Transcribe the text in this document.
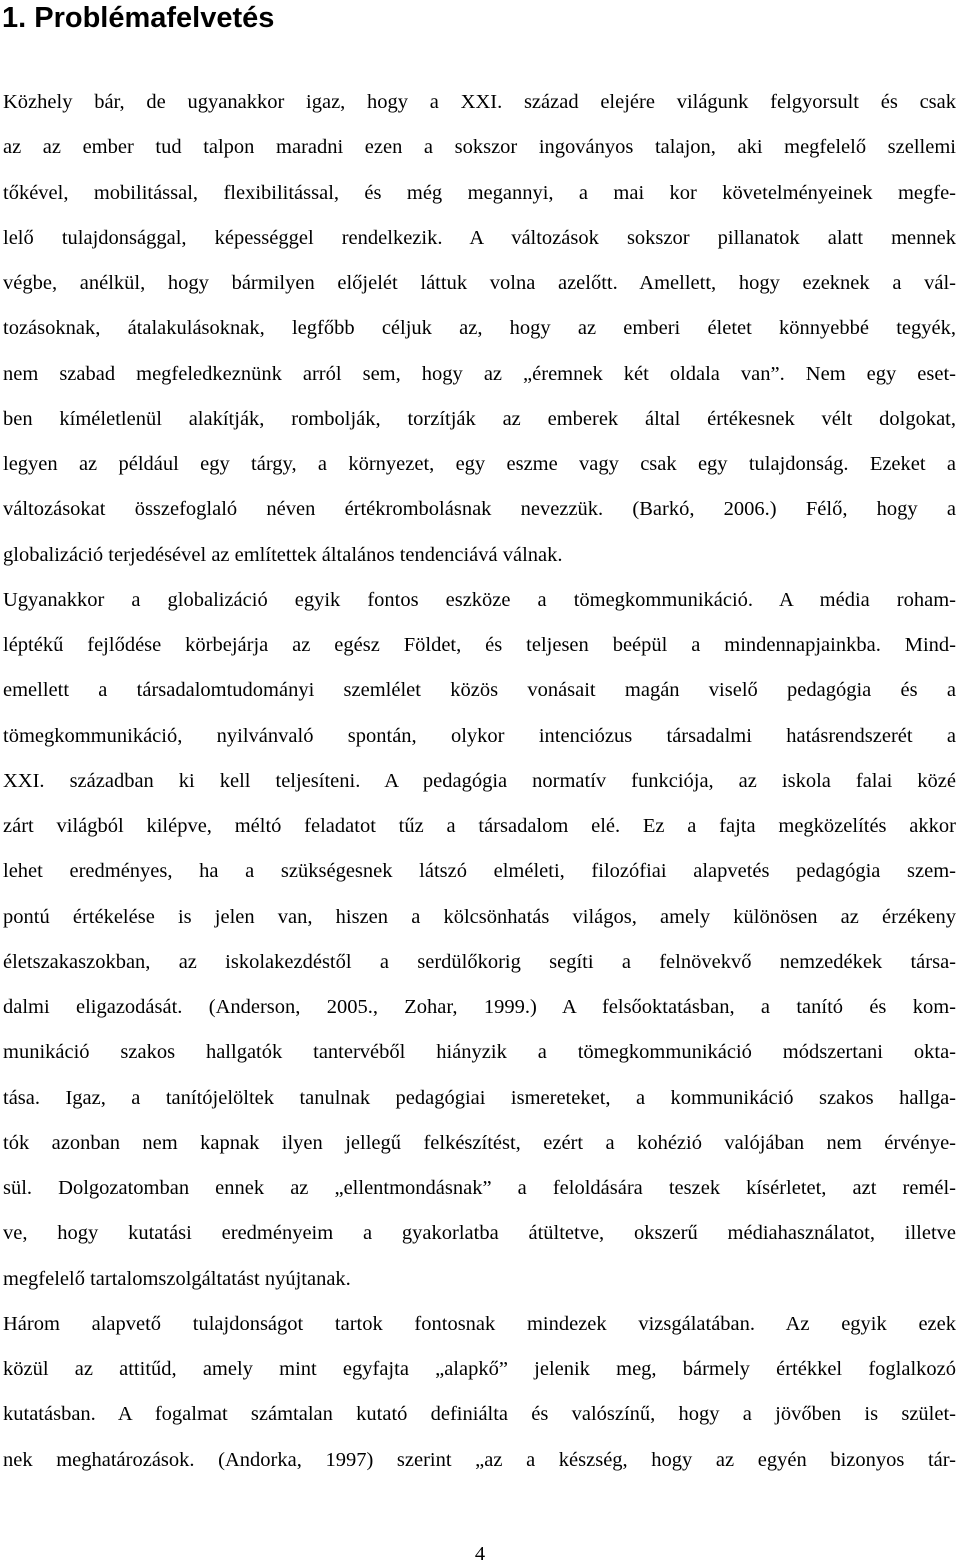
1. Problémafelvetés
Közhely bár, de ugyanakkor igaz, hogy a XXI. század elejére világunk felgyorsult és csak
az az ember tud talpon maradni ezen a sokszor ingoványos talajon, aki megfelelő szellemi
tőkével, mobilitással, flexibilitással, és még megannyi, a mai kor követelményeinek megfe-
lelő tulajdonsággal, képességgel rendelkezik. A változások sokszor pillanatok alatt mennek
végbe, anélkül, hogy bármilyen előjelét láttuk volna azelőtt. Amellett, hogy ezeknek a vál-
tozásoknak, átalakulásoknak, legfőbb céljuk az, hogy az emberi életet könnyebbé tegyék,
nem szabad megfeledkeznünk arról sem, hogy az „éremnek két oldala van”. Nem egy eset-
ben kíméletlenül alakítják, rombolják, torzítják az emberek által értékesnek vélt dolgokat,
legyen az például egy tárgy, a környezet, egy eszme vagy csak egy tulajdonság. Ezeket a
változásokat összefoglaló néven értékrombolásnak nevezzük. (Barkó, 2006.) Félő, hogy a
globalizáció terjedésével az említettek általános tendenciává válnak.
Ugyanakkor a globalizáció egyik fontos eszköze a tömegkommunikáció. A média roham-
léptékű fejlődése körbejárja az egész Földet, és teljesen beépül a mindennapjainkba. Mind-
emellett a társadalomtudományi szemlélet közös vonásait magán viselő pedagógia és a
tömegkommunikáció, nyilvánvaló spontán, olykor intenciózus társadalmi hatásrendszerét a
XXI. században ki kell teljesíteni. A pedagógia normatív funkciója, az iskola falai közé
zárt világból kilépve, méltó feladatot tűz a társadalom elé. Ez a fajta megközelítés akkor
lehet eredményes, ha a szükségesnek látszó elméleti, filozófiai alapvetés pedagógia szem-
pontú értékelése is jelen van, hiszen a kölcsönhatás világos, amely különösen az érzékeny
életszakaszokban, az iskolakezdéstől a serdülőkorig segíti a felnövekvő nemzedékek társa-
dalmi eligazodását. (Anderson, 2005., Zohar, 1999.) A felsőoktatásban, a tanító és kom-
munikáció szakos hallgatók tantervéből hiányzik a tömegkommunikáció módszertani okta-
tása. Igaz, a tanítójelöltek tanulnak pedagógiai ismereteket, a kommunikáció szakos hallga-
tók azonban nem kapnak ilyen jellegű felkészítést, ezért a kohézió valójában nem érvénye-
sül. Dolgozatomban ennek az „ellentmondásnak” a feloldására teszek kísérletet, azt remél-
ve, hogy kutatási eredményeim a gyakorlatba átültetve, okszerű médiahasználatot, illetve
megfelelő tartalomszolgáltatást nyújtanak.
Három alapvető tulajdonságot tartok fontosnak mindezek vizsgálatában. Az egyik ezek
közül az attitűd, amely mint egyfajta „alapkő” jelenik meg, bármely értékkel foglalkozó
kutatásban. A fogalmat számtalan kutató definiálta és valószínű, hogy a jövőben is szület-
nek meghatározások. (Andorka, 1997) szerint „az a készség, hogy az egyén bizonyos tár-
4
